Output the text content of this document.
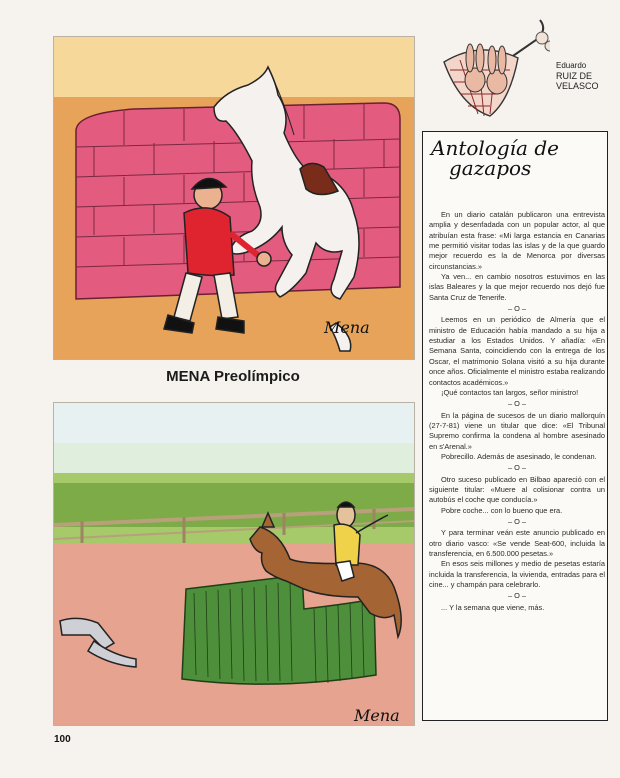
Eduardo
RUIZ DE
VELASCO
Mena
MENA Preolímpico
Mena
100
Antología de
gazapos

En un diario catalán publicaron una entrevista amplia y desenfadada con un popular actor, al que atribuían esta frase: «Mi larga estancia en Canarias me permitió visitar todas las islas y de la que guardo mejor recuerdo es la de Menorca por diversas circunstancias.»

Ya ven... en cambio nosotros estuvimos en las islas Baleares y la que mejor recuerdo nos dejó fue Santa Cruz de Tenerife.

– O –

Leemos en un periódico de Almería que el ministro de Educación había mandado a su hija a estudiar a los Estados Unidos. Y añadía: «En Semana Santa, coincidiendo con la entrega de los Oscar, el matrimonio Solana visitó a su hija durante once años. Oficialmente el ministro estaba realizando contactos académicos.»

¡Qué contactos tan largos, señor ministro!

– O –

En la página de sucesos de un diario mallorquín (27-7-81) viene un titular que dice: «El Tribunal Supremo confirma la condena al hombre asesinado en s'Arenal.»

Pobrecillo. Además de asesinado, le condenan.

– O –

Otro suceso publicado en Bilbao apareció con el siguiente titular: «Muere al colisionar contra un autobús el coche que conducía.»

Pobre coche... con lo bueno que era.

– O –

Y para terminar veán este anuncio publicado en otro diario vasco: «Se vende Seat-600, incluida la transferencia, en 6.500.000 pesetas.»

En esos seis millones y medio de pesetas estaría incluida la transferencia, la vivienda, entradas para el cine... y champán para celebrarlo.

– O –

... Y la semana que viene, más.
